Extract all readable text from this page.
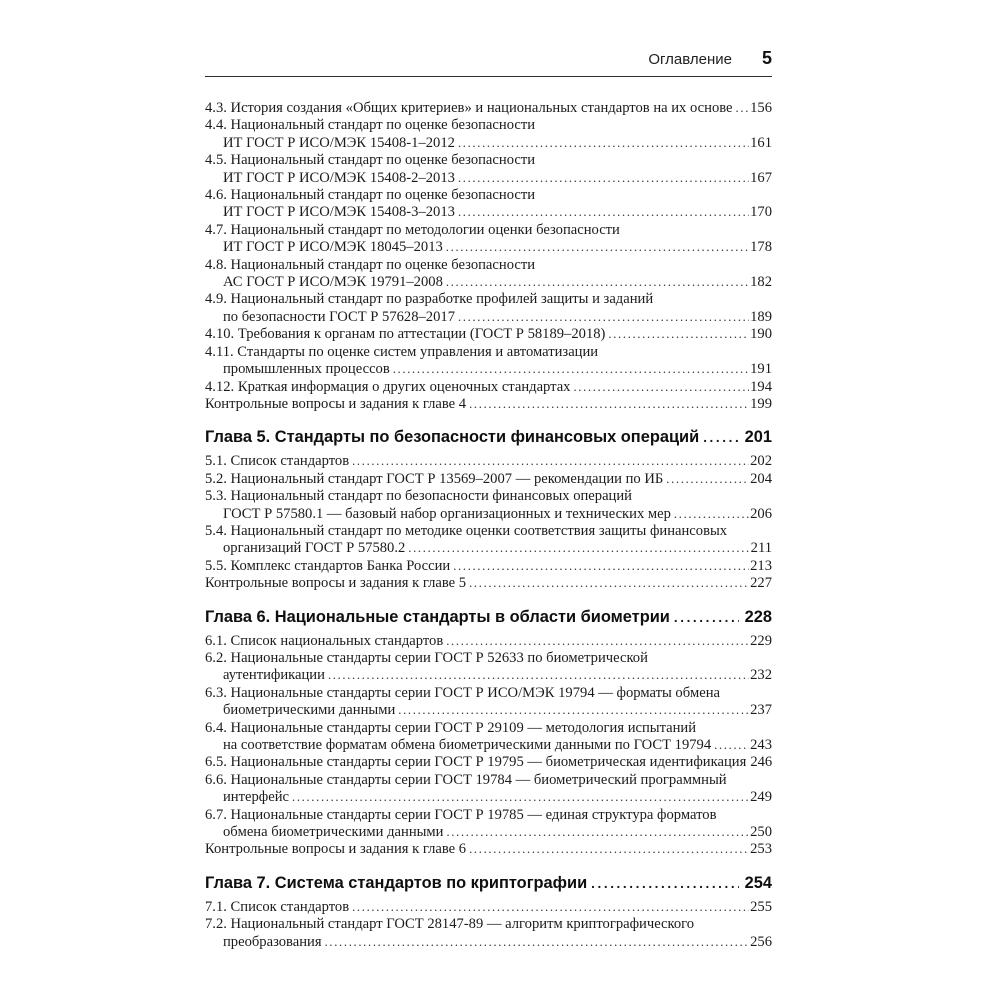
Оглавление 5
4.3. История создания «Общих критериев» и национальных стандартов на их основе ..... 156
4.4. Национальный стандарт по оценке безопасности
ИТ ГОСТ Р ИСО/МЭК 15408-1–2012 .....	161
4.5. Национальный стандарт по оценке безопасности
ИТ ГОСТ Р ИСО/МЭК 15408-2–2013 .....	167
4.6. Национальный стандарт по оценке безопасности
ИТ ГОСТ Р ИСО/МЭК 15408-3–2013 .....	170
4.7. Национальный стандарт по методологии оценки безопасности
ИТ ГОСТ Р ИСО/МЭК 18045–2013 .....	178
4.8. Национальный стандарт по оценке безопасности
АС ГОСТ Р ИСО/МЭК 19791–2008 .....	182
4.9. Национальный стандарт по разработке профилей защиты и заданий
по безопасности ГОСТ Р 57628–2017 .....	189
4.10. Требования к органам по аттестации (ГОСТ Р 58189–2018) .....	190
4.11. Стандарты по оценке систем управления и автоматизации
промышленных процессов .....	191
4.12. Краткая информация о других оценочных стандартах .....	194
Контрольные вопросы и задания к главе 4 .....	199
Глава 5. Стандарты по безопасности финансовых операций .....	201
5.1. Список стандартов .....	202
5.2. Национальный стандарт ГОСТ Р 13569–2007 — рекомендации по ИБ .....	204
5.3. Национальный стандарт по безопасности финансовых операций
ГОСТ Р 57580.1 — базовый набор организационных и технических мер .....	206
5.4. Национальный стандарт по методике оценки соответствия защиты финансовых
организаций ГОСТ Р 57580.2 .....	211
5.5. Комплекс стандартов Банка России .....	213
Контрольные вопросы и задания к главе 5 .....	227
Глава 6. Национальные стандарты в области биометрии .....	228
6.1. Список национальных стандартов .....	229
6.2. Национальные стандарты серии ГОСТ Р 52633 по биометрической
аутентификации .....	232
6.3. Национальные стандарты серии ГОСТ Р ИСО/МЭК 19794 — форматы обмена
биометрическими данными .....	237
6.4. Национальные стандарты серии ГОСТ Р 29109 — методология испытаний
на соответствие форматам обмена биометрическими данными по ГОСТ 19794 .....	243
6.5. Национальные стандарты серии ГОСТ Р 19795 — биометрическая идентификация 246
6.6. Национальные стандарты серии ГОСТ 19784 — биометрический программный
интерфейс .....	249
6.7. Национальные стандарты серии ГОСТ Р 19785 — единая структура форматов
обмена биометрическими данными .....	250
Контрольные вопросы и задания к главе 6 .....	253
Глава 7. Система стандартов по криптографии .....	254
7.1. Список стандартов .....	255
7.2. Национальный стандарт ГОСТ 28147-89 — алгоритм криптографического
преобразования .....	256
